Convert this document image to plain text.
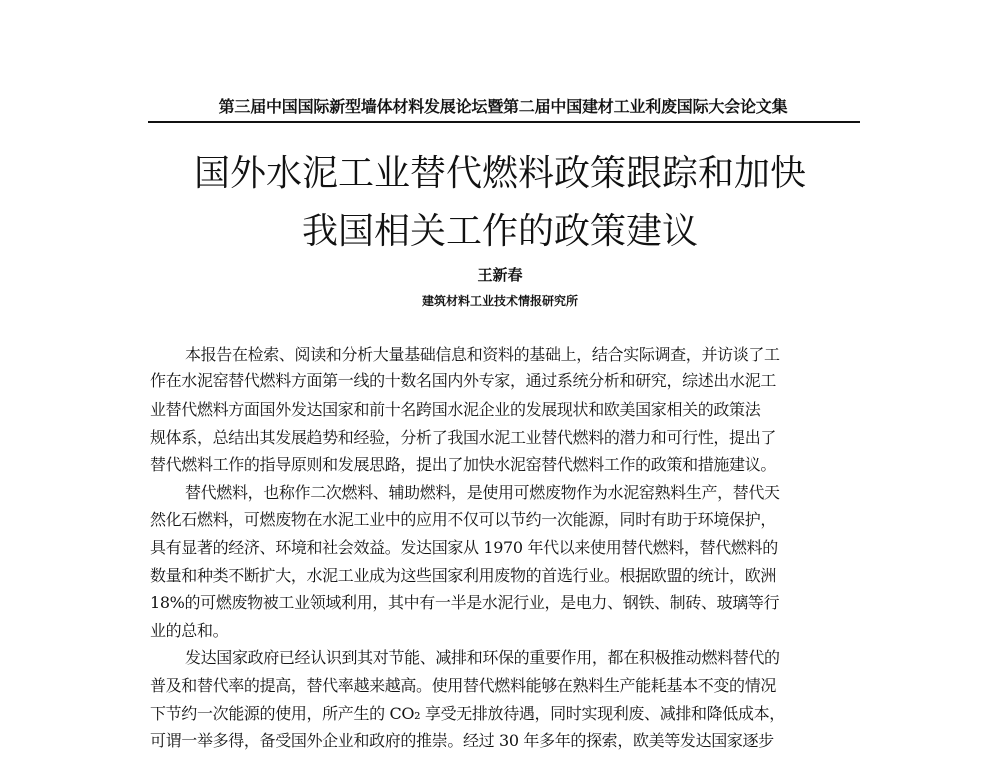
第三届中国国际新型墙体材料发展论坛暨第二届中国建材工业利废国际大会论文集
国外水泥工业替代燃料政策跟踪和加快
我国相关工作的政策建议
王新春
建筑材料工业技术情报研究所
本报告在检索、阅读和分析大量基础信息和资料的基础上，结合实际调查，并访谈了工
作在水泥窑替代燃料方面第一线的十数名国内外专家，通过系统分析和研究，综述出水泥工
业替代燃料方面国外发达国家和前十名跨国水泥企业的发展现状和欧美国家相关的政策法
规体系，总结出其发展趋势和经验，分析了我国水泥工业替代燃料的潜力和可行性，提出了
替代燃料工作的指导原则和发展思路，提出了加快水泥窑替代燃料工作的政策和措施建议。
替代燃料，也称作二次燃料、辅助燃料，是使用可燃废物作为水泥窑熟料生产，替代天
然化石燃料，可燃废物在水泥工业中的应用不仅可以节约一次能源，同时有助于环境保护，
具有显著的经济、环境和社会效益。发达国家从 1970 年代以来使用替代燃料，替代燃料的
数量和种类不断扩大，水泥工业成为这些国家利用废物的首选行业。根据欧盟的统计，欧洲
18%的可燃废物被工业领域利用，其中有一半是水泥行业，是电力、钢铁、制砖、玻璃等行
业的总和。
发达国家政府已经认识到其对节能、减排和环保的重要作用，都在积极推动燃料替代的
普及和替代率的提高，替代率越来越高。使用替代燃料能够在熟料生产能耗基本不变的情况
下节约一次能源的使用，所产生的 CO₂ 享受无排放待遇，同时实现利废、减排和降低成本，
可谓一举多得，备受国外企业和政府的推崇。经过 30 年多年的探索，欧美等发达国家逐步
